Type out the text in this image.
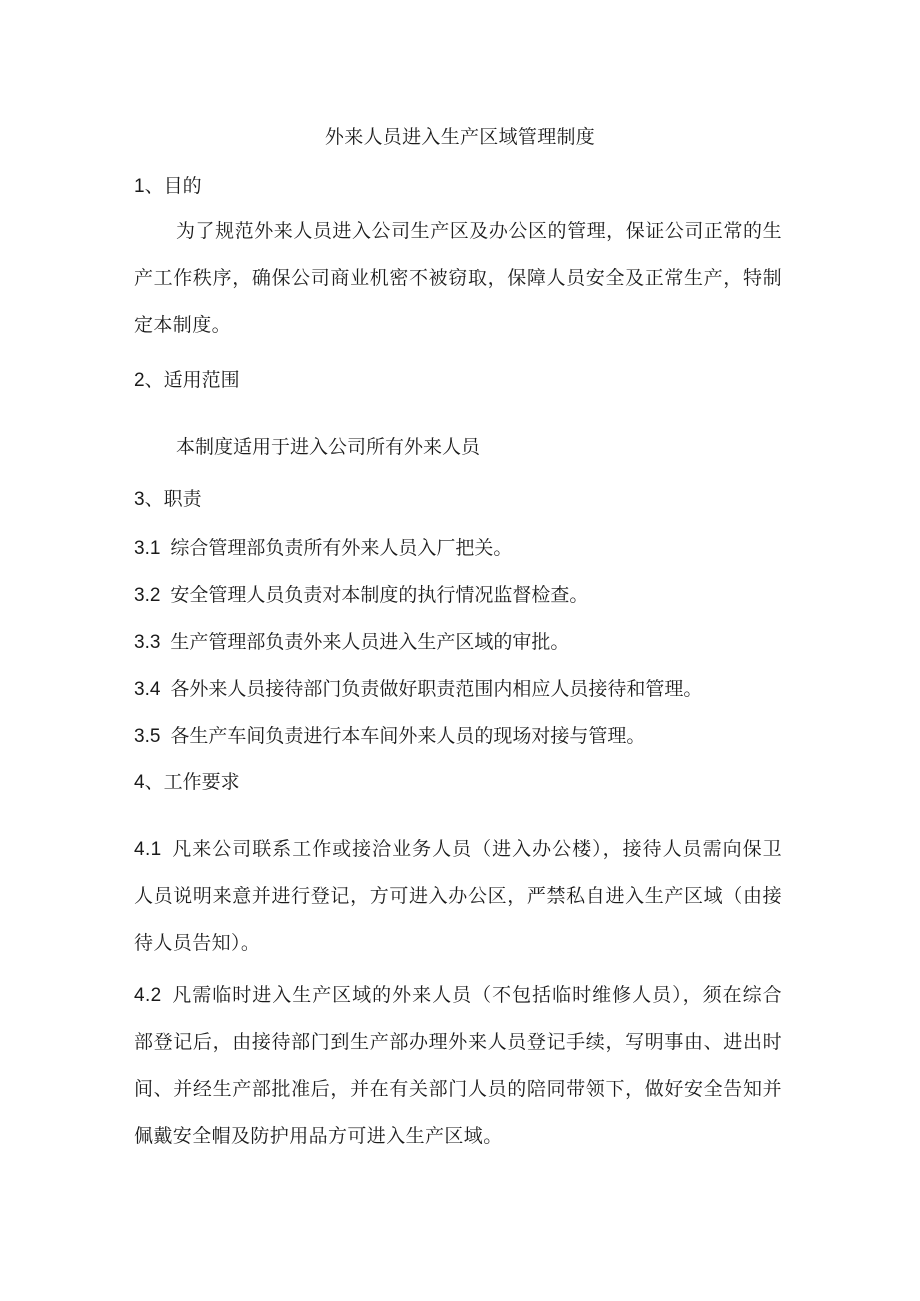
外来人员进入生产区域管理制度
1、目的
为了规范外来人员进入公司生产区及办公区的管理，保证公司正常的生产工作秩序，确保公司商业机密不被窃取，保障人员安全及正常生产，特制定本制度。
2、适用范围
本制度适用于进入公司所有外来人员
3、职责
3.1 综合管理部负责所有外来人员入厂把关。
3.2 安全管理人员负责对本制度的执行情况监督检查。
3.3 生产管理部负责外来人员进入生产区域的审批。
3.4 各外来人员接待部门负责做好职责范围内相应人员接待和管理。
3.5 各生产车间负责进行本车间外来人员的现场对接与管理。
4、工作要求
4.1 凡来公司联系工作或接洽业务人员（进入办公楼），接待人员需向保卫人员说明来意并进行登记，方可进入办公区，严禁私自进入生产区域（由接待人员告知）。
4.2 凡需临时进入生产区域的外来人员（不包括临时维修人员），须在综合部登记后，由接待部门到生产部办理外来人员登记手续，写明事由、进出时间、并经生产部批准后，并在有关部门人员的陪同带领下，做好安全告知并佩戴安全帽及防护用品方可进入生产区域。
